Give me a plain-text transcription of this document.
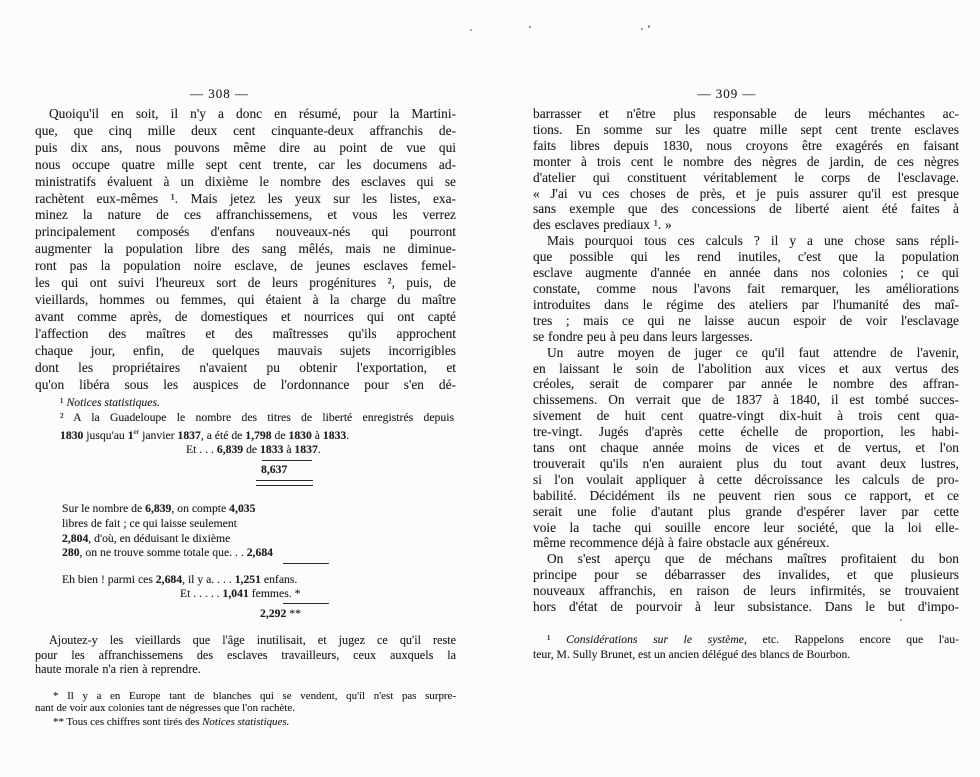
— 308 —
Quoiqu'il en soit, il n'y a donc en résumé, pour la Martini-
que, que cinq mille deux cent cinquante-deux affranchis de-
puis dix ans, nous pouvons même dire au point de vue qui
nous occupe quatre mille sept cent trente, car les documens ad-
ministratifs évaluent à un dixième le nombre des esclaves qui se
rachètent eux-mêmes ¹. Mais jetez les yeux sur les listes, exa-
minez la nature de ces affranchissemens, et vous les verrez
principalement composés d'enfans nouveaux-nés qui pourront
augmenter la population libre des sang mêlés, mais ne diminue-
ront pas la population noire esclave, de jeunes esclaves femel-
les qui ont suivi l'heureux sort de leurs progénitures ², puis, de
vieillards, hommes ou femmes, qui étaient à la charge du maître
avant comme après, de domestiques et nourrices qui ont capté
l'affection des maîtres et des maîtresses qu'ils approchent
chaque jour, enfin, de quelques mauvais sujets incorrigibles
dont les propriétaires n'avaient pu obtenir l'exportation, et
qu'on libéra sous les auspices de l'ordonnance pour s'en dé-
¹ Notices statistiques.
² A la Guadeloupe le nombre des titres de liberté enregistrés depuis
1830 jusqu'au 1er janvier 1837, a été de 1,798 de 1830 à 1833.
Et . . . 6,839 de 1833 à 1837.
8,637
Sur le nombre de 6,839, on compte 4,035
libres de fait ; ce qui laisse seulement
2,804, d'où, en déduisant le dixième
280, on ne trouve somme totale que. . . 2,684
Eh bien ! parmi ces 2,684, il y a. . . . 1,251 enfans.
Et . . . . . 1,041 femmes. *
2,292 **
Ajoutez-y les vieillards que l'âge inutilisait, et jugez ce qu'il reste
pour les affranchissemens des esclaves travailleurs, ceux auxquels la
haute morale n'a rien à reprendre.
* Il y a en Europe tant de blanches qui se vendent, qu'il n'est pas surpre-
nant de voir aux colonies tant de négresses que l'on rachète.
** Tous ces chiffres sont tirés des Notices statistiques.
— 309 —
barrasser et n'être plus responsable de leurs méchantes ac-
tions. En somme sur les quatre mille sept cent trente esclaves
faits libres depuis 1830, nous croyons être exagérés en faisant
monter à trois cent le nombre des nègres de jardin, de ces nègres
d'atelier qui constituent véritablement le corps de l'esclavage.
« J'ai vu ces choses de près, et je puis assurer qu'il est presque
sans exemple que des concessions de liberté aient été faites à
des esclaves prediaux ¹. »
Mais pourquoi tous ces calculs ? il y a une chose sans répli-
que possible qui les rend inutiles, c'est que la population
esclave augmente d'année en année dans nos colonies ; ce qui
constate, comme nous l'avons fait remarquer, les améliorations
introduites dans le régime des ateliers par l'humanité des maî-
tres ; mais ce qui ne laisse aucun espoir de voir l'esclavage
se fondre peu à peu dans leurs largesses.
Un autre moyen de juger ce qu'il faut attendre de l'avenir,
en laissant le soin de l'abolition aux vices et aux vertus des
créoles, serait de comparer par année le nombre des affran-
chissemens. On verrait que de 1837 à 1840, il est tombé succes-
sivement de huit cent quatre-vingt dix-huit à trois cent qua-
tre-vingt. Jugés d'après cette échelle de proportion, les habi-
tans ont chaque année moins de vices et de vertus, et l'on
trouverait qu'ils n'en auraient plus du tout avant deux lustres,
si l'on voulait appliquer à cette décroissance les calculs de pro-
babilité. Décidément ils ne peuvent rien sous ce rapport, et ce
serait une folie d'autant plus grande d'espérer laver par cette
voie la tache qui souille encore leur société, que la loi elle-
même recommence déjà à faire obstacle aux généreux.
On s'est aperçu que de méchans maîtres profitaient du bon
principe pour se débarrasser des invalides, et que plusieurs
nouveaux affranchis, en raison de leurs infirmités, se trouvaient
hors d'état de pourvoir à leur subsistance. Dans le but d'impo-
¹ Considérations sur le système, etc. Rappelons encore que l'au-
teur, M. Sully Brunet, est un ancien délégué des blancs de Bourbon.
